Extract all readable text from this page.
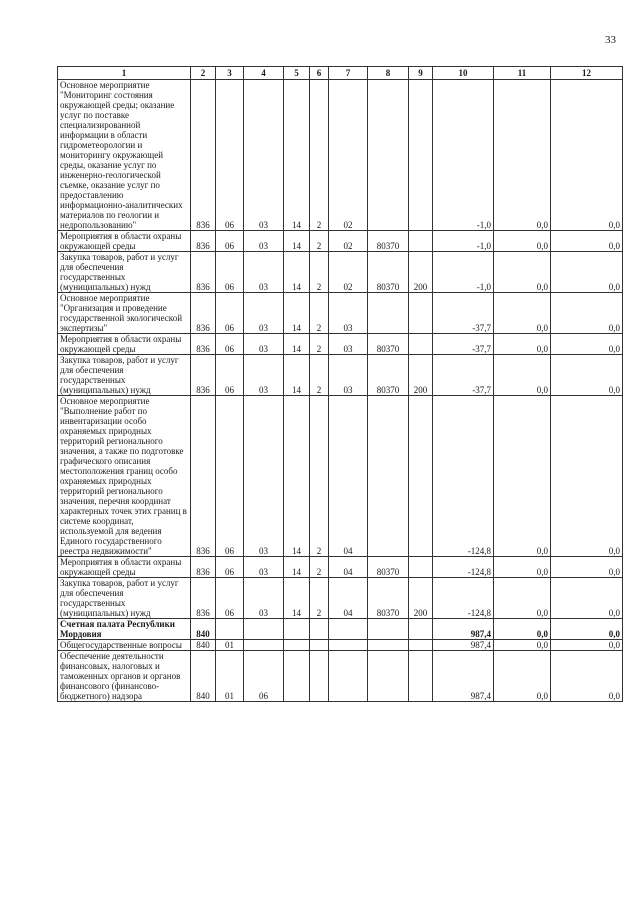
33
1	2	3	4	5	6	7	8	9	10	11	12
Основное мероприятие "Мониторинг состояния окружающей среды; оказание услуг по поставке специализированной информации в области гидрометеорологии и мониторингу окружающей среды, оказание услуг по инженерно-геологической съемке, оказание услуг по предоставлению информационно-аналитических материалов по геологии и недропользованию"	836	06	03	14	2	02			-1,0	0,0	0,0
Мероприятия в области охраны окружающей среды	836	06	03	14	2	02	80370		-1,0	0,0	0,0
Закупка товаров, работ и услуг для обеспечения государственных (муниципальных) нужд	836	06	03	14	2	02	80370	200	-1,0	0,0	0,0
Основное мероприятие "Организация и проведение государственной экологической экспертизы"	836	06	03	14	2	03			-37,7	0,0	0,0
Мероприятия в области охраны окружающей среды	836	06	03	14	2	03	80370		-37,7	0,0	0,0
Закупка товаров, работ и услуг для обеспечения государственных (муниципальных) нужд	836	06	03	14	2	03	80370	200	-37,7	0,0	0,0
Основное мероприятие "Выполнение работ по инвентаризации особо охраняемых природных территорий регионального значения, а также по подготовке графического описания местоположения границ особо охраняемых природных территорий регионального значения, перечня координат характерных точек этих границ в системе координат, используемой для ведения Единого государственного реестра недвижимости"	836	06	03	14	2	04			-124,8	0,0	0,0
Мероприятия в области охраны окружающей среды	836	06	03	14	2	04	80370		-124,8	0,0	0,0
Закупка товаров, работ и услуг для обеспечения государственных (муниципальных) нужд	836	06	03	14	2	04	80370	200	-124,8	0,0	0,0
Счетная палата Республики Мордовия	840								987,4	0,0	0,0
Общегосударственные вопросы	840	01							987,4	0,0	0,0
Обеспечение деятельности финансовых, налоговых и таможенных органов и органов финансового (финансово-бюджетного) надзора	840	01	06						987,4	0,0	0,0
